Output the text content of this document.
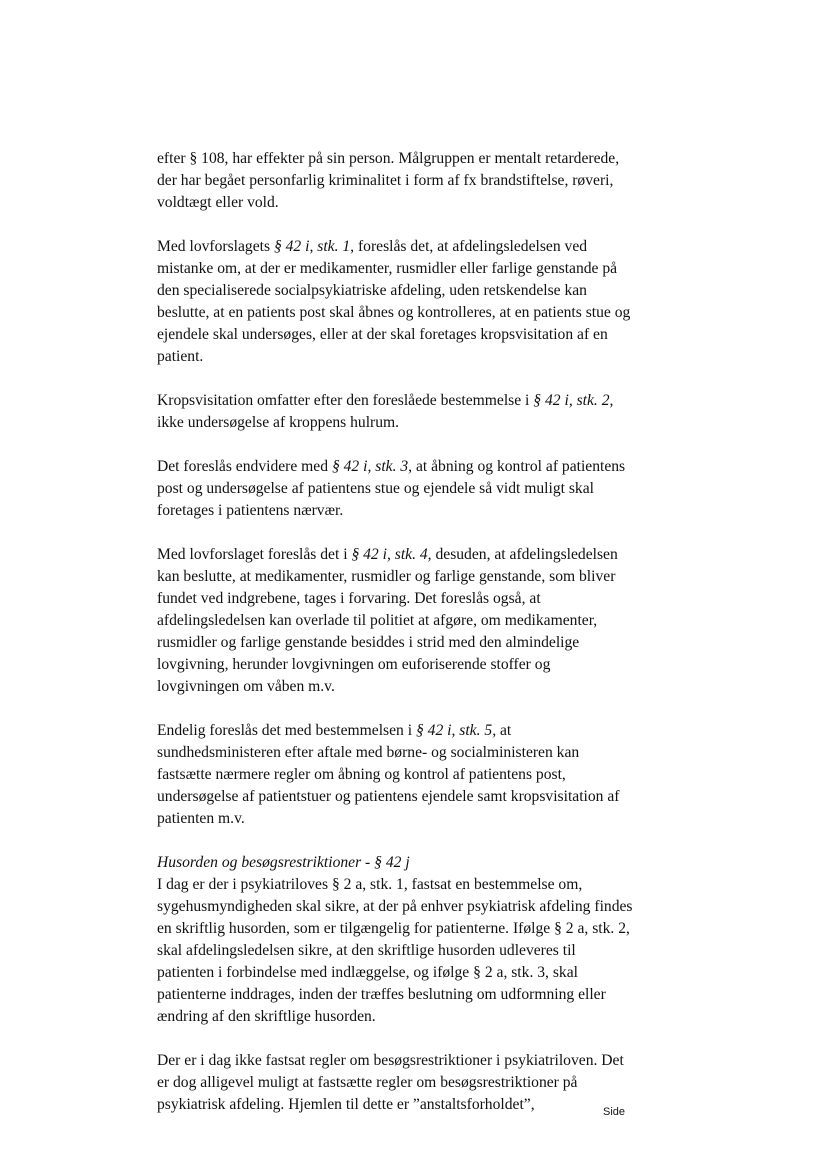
efter § 108, har effekter på sin person. Målgruppen er mentalt retarderede,
der har begået personfarlig kriminalitet i form af fx brandstiftelse, røveri,
voldtægt eller vold.

Med lovforslagets § 42 i, stk. 1, foreslås det, at afdelingsledelsen ved
mistanke om, at der er medikamenter, rusmidler eller farlige genstande på
den specialiserede socialpsykiatriske afdeling, uden retskendelse kan
beslutte, at en patients post skal åbnes og kontrolleres, at en patients stue og
ejendele skal undersøges, eller at der skal foretages kropsvisitation af en
patient.

Kropsvisitation omfatter efter den foreslåede bestemmelse i § 42 i, stk. 2,
ikke undersøgelse af kroppens hulrum.

Det foreslås endvidere med § 42 i, stk. 3, at åbning og kontrol af patientens
post og undersøgelse af patientens stue og ejendele så vidt muligt skal
foretages i patientens nærvær.

Med lovforslaget foreslås det i § 42 i, stk. 4, desuden, at afdelingsledelsen
kan beslutte, at medikamenter, rusmidler og farlige genstande, som bliver
fundet ved indgrebene, tages i forvaring. Det foreslås også, at
afdelingsledelsen kan overlade til politiet at afgøre, om medikamenter,
rusmidler og farlige genstande besiddes i strid med den almindelige
lovgivning, herunder lovgivningen om euforiserende stoffer og
lovgivningen om våben m.v.

Endelig foreslås det med bestemmelsen i § 42 i, stk. 5, at
sundhedsministeren efter aftale med børne- og socialministeren kan
fastsætte nærmere regler om åbning og kontrol af patientens post,
undersøgelse af patientstuer og patientens ejendele samt kropsvisitation af
patienten m.v.

Husorden og besøgsrestriktioner - § 42 j
I dag er der i psykiatriloves § 2 a, stk. 1, fastsat en bestemmelse om,
sygehusmyndigheden skal sikre, at der på enhver psykiatrisk afdeling findes
en skriftlig husorden, som er tilgængelig for patienterne. Ifølge § 2 a, stk. 2,
skal afdelingsledelsen sikre, at den skriftlige husorden udleveres til
patienten i forbindelse med indlæggelse, og ifølge § 2 a, stk. 3, skal
patienterne inddrages, inden der træffes beslutning om udformning eller
ændring af den skriftlige husorden.

Der er i dag ikke fastsat regler om besøgsrestriktioner i psykiatriloven. Det
er dog alligevel muligt at fastsætte regler om besøgsrestriktioner på
psykiatrisk afdeling. Hjemlen til dette er ”anstaltsforholdet”,	Side
